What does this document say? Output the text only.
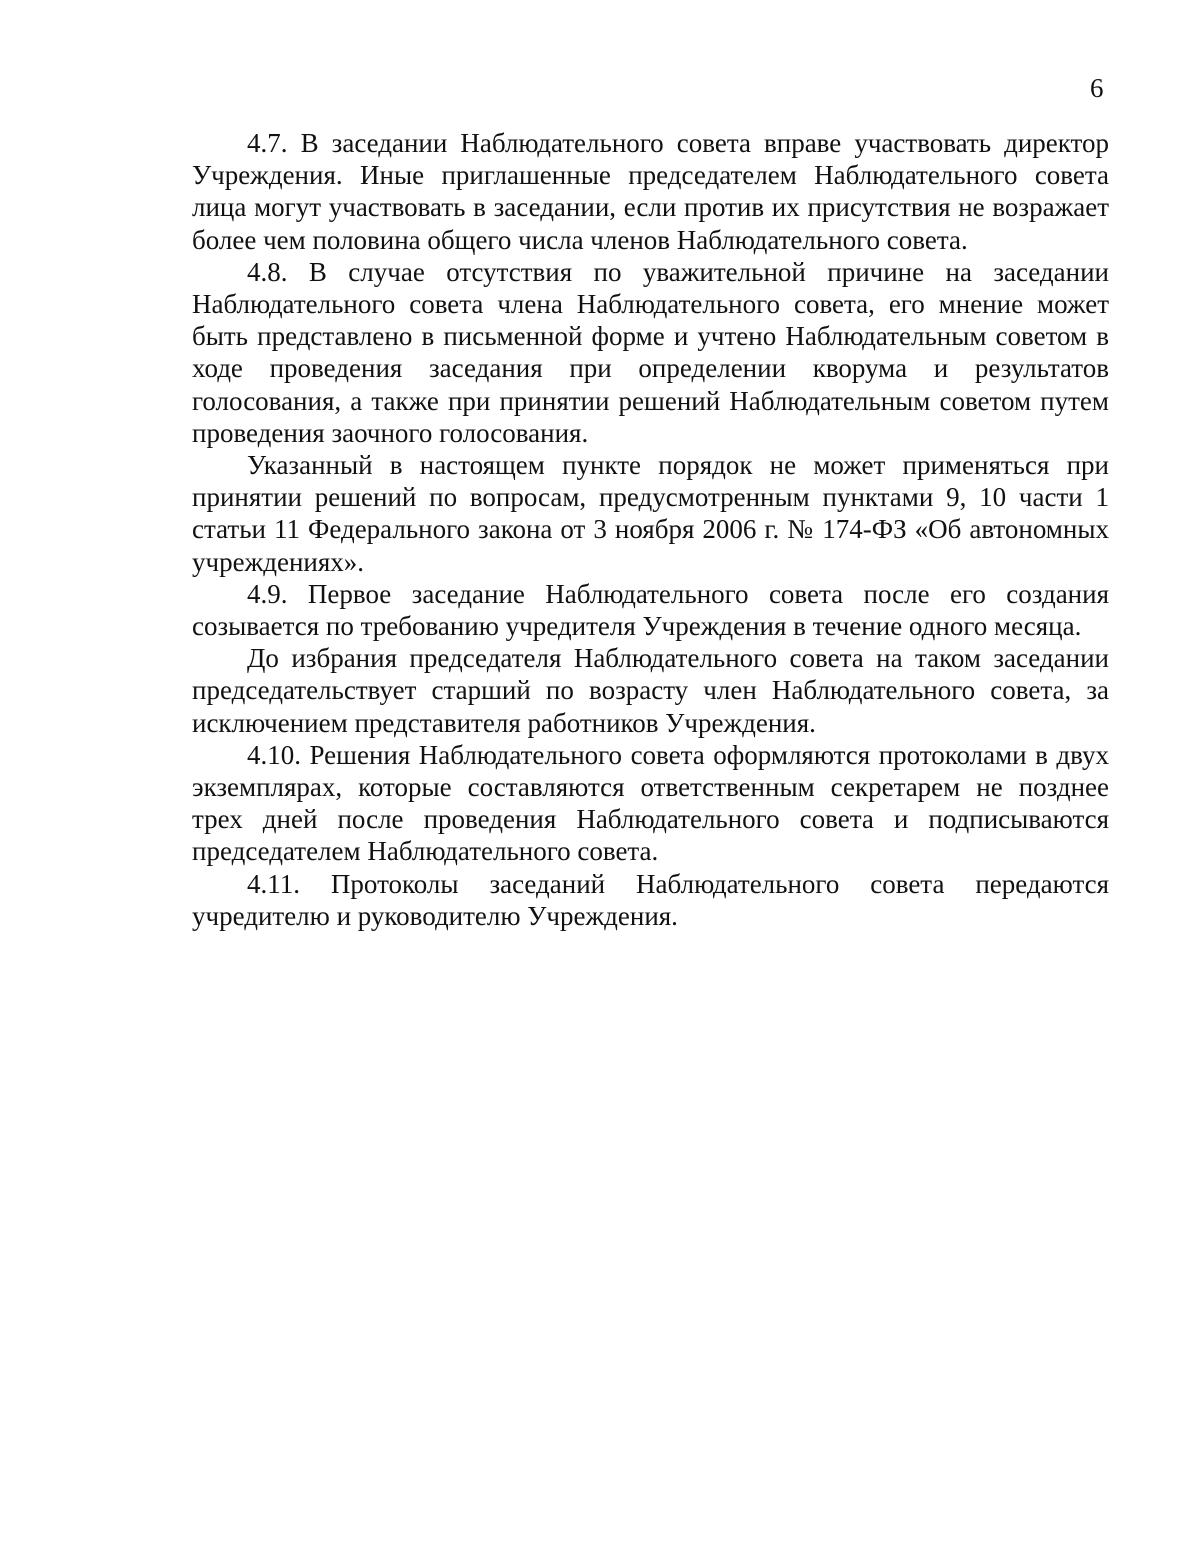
6

4.7. В заседании Наблюдательного совета вправе участвовать директор Учреждения. Иные приглашенные председателем Наблюдательного совета лица могут участвовать в заседании, если против их присутствия не возражает более чем половина общего числа членов Наблюдательного совета.

4.8. В случае отсутствия по уважительной причине на заседании Наблюдательного совета члена Наблюдательного совета, его мнение может быть представлено в письменной форме и учтено Наблюдательным советом в ходе проведения заседания при определении кворума и результатов голосования, а также при принятии решений Наблюдательным советом путем проведения заочного голосования.

Указанный в настоящем пункте порядок не может применяться при принятии решений по вопросам, предусмотренным пунктами 9, 10 части 1 статьи 11 Федерального закона от 3 ноября 2006 г. № 174-ФЗ «Об автономных учреждениях».

4.9. Первое заседание Наблюдательного совета после его создания созывается по требованию учредителя Учреждения в течение одного месяца.

До избрания председателя Наблюдательного совета на таком заседании председательствует старший по возрасту член Наблюдательного совета, за исключением представителя работников Учреждения.

4.10. Решения Наблюдательного совета оформляются протоколами в двух экземплярах, которые составляются ответственным секретарем не позднее трех дней после проведения Наблюдательного совета и подписываются председателем Наблюдательного совета.

4.11. Протоколы заседаний Наблюдательного совета передаются учредителю и руководителю Учреждения.
